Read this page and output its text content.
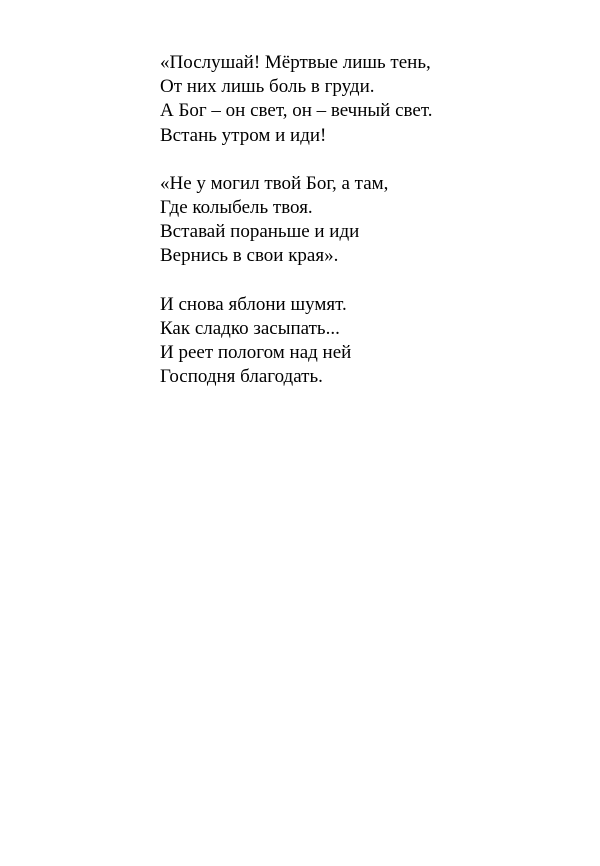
«Послушай! Мёртвые лишь тень,
От них лишь боль в груди.
А Бог – он свет, он – вечный свет.
Встань утром и иди!
«Не у могил твой Бог, а там,
Где колыбель твоя.
Вставай пораньше и иди
Вернись в свои края».
И снова яблони шумят.
Как сладко засыпать...
И реет пологом над ней
Господня благодать.
